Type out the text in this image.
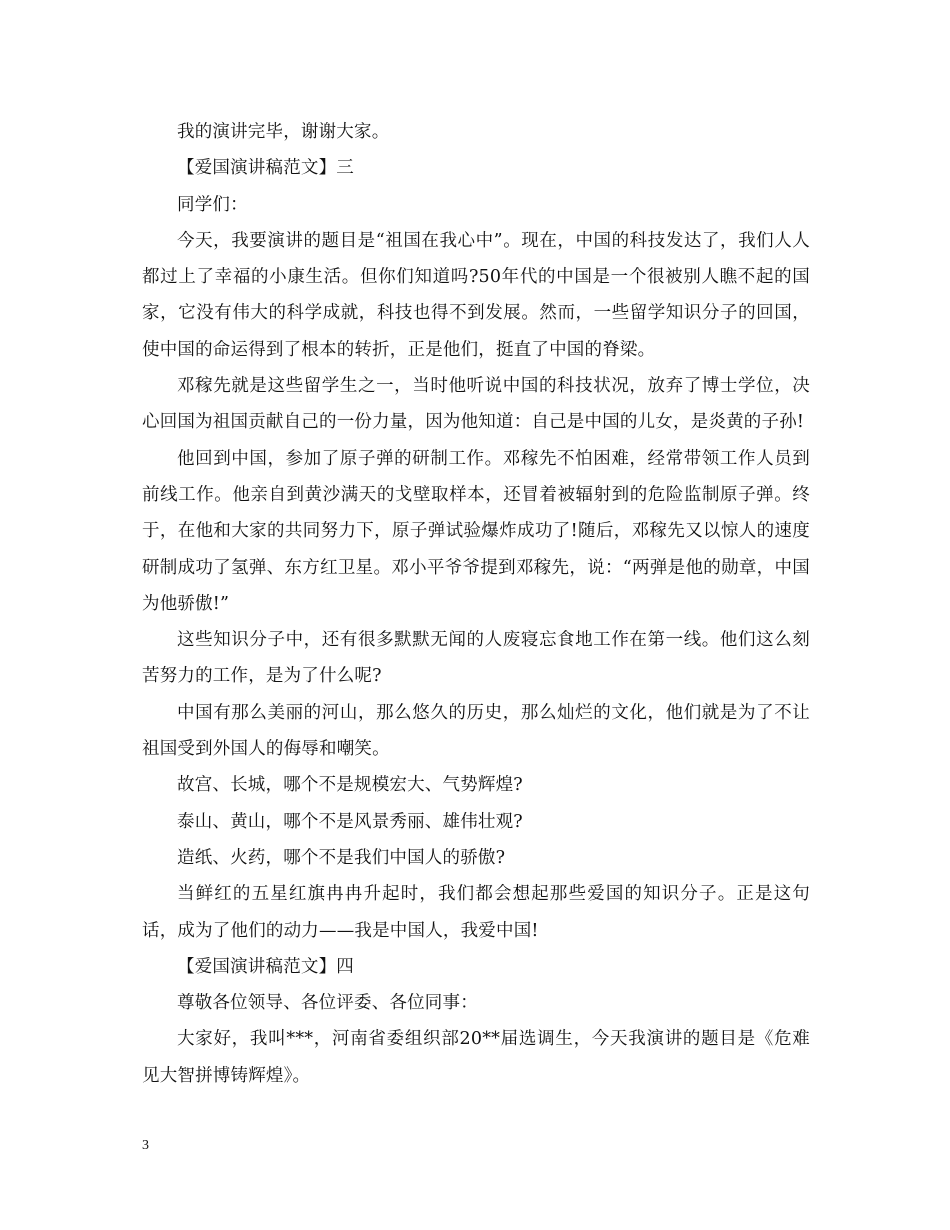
我的演讲完毕，谢谢大家。

【爱国演讲稿范文】三

同学们：

今天，我要演讲的题目是“祖国在我心中”。现在，中国的科技发达了，我们人人都过上了幸福的小康生活。但你们知道吗?50年代的中国是一个很被别人瞧不起的国家，它没有伟大的科学成就，科技也得不到发展。然而，一些留学知识分子的回国，使中国的命运得到了根本的转折，正是他们，挺直了中国的脊梁。

邓稼先就是这些留学生之一，当时他听说中国的科技状况，放弃了博士学位，决心回国为祖国贡献自己的一份力量，因为他知道：自己是中国的儿女，是炎黄的子孙!

他回到中国，参加了原子弹的研制工作。邓稼先不怕困难，经常带领工作人员到前线工作。他亲自到黄沙满天的戈壁取样本，还冒着被辐射到的危险监制原子弹。终于，在他和大家的共同努力下，原子弹试验爆炸成功了!随后，邓稼先又以惊人的速度研制成功了氢弹、东方红卫星。邓小平爷爷提到邓稼先，说：“两弹是他的勋章，中国为他骄傲!”

这些知识分子中，还有很多默默无闻的人废寝忘食地工作在第一线。他们这么刻苦努力的工作，是为了什么呢?

中国有那么美丽的河山，那么悠久的历史，那么灿烂的文化，他们就是为了不让祖国受到外国人的侮辱和嘲笑。

故宫、长城，哪个不是规模宏大、气势辉煌?

泰山、黄山，哪个不是风景秀丽、雄伟壮观?

造纸、火药，哪个不是我们中国人的骄傲?

当鲜红的五星红旗冉冉升起时，我们都会想起那些爱国的知识分子。正是这句话，成为了他们的动力——我是中国人，我爱中国!

【爱国演讲稿范文】四

尊敬各位领导、各位评委、各位同事：

大家好，我叫***，河南省委组织部20**届选调生，今天我演讲的题目是《危难见大智拼博铸辉煌》。

3
